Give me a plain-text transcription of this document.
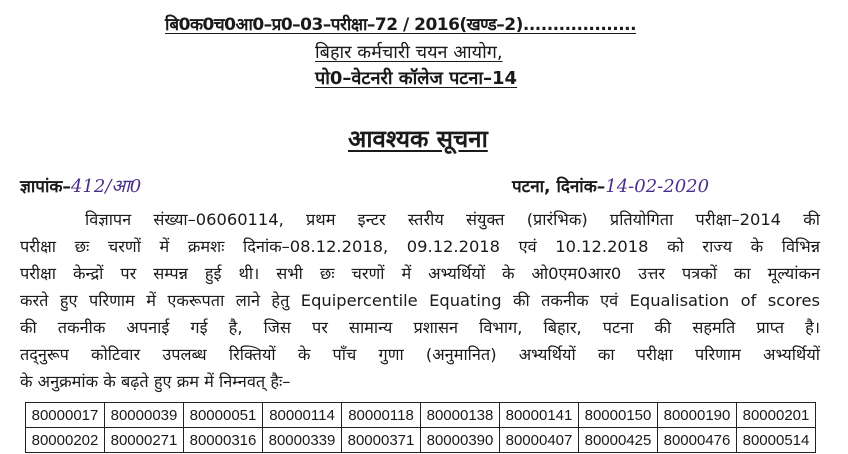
बि0क0च0आ0–प्र0–03–परीक्षा–72 / 2016(खण्ड–2)...................
बिहार कर्मचारी चयन आयोग,
पो0–वेटनरी कॉलेज पटना–14
आवश्यक सूचना
ज्ञापांक–412/आ0	पटना, दिनांक–14-02-2020
विज्ञापन संख्या–06060114, प्रथम इन्टर स्तरीय संयुक्त (प्रारंभिक) प्रतियोगिता परीक्षा–2014 की
परीक्षा छः चरणों में क्रमशः दिनांक–08.12.2018, 09.12.2018 एवं 10.12.2018 को राज्य के विभिन्न
परीक्षा केन्द्रों पर सम्पन्न हुई थी। सभी छः चरणों में अभ्यर्थियों के ओ0एम0आर0 उत्तर पत्रकों का मूल्यांकन
करते हुए परिणाम में एकरूपता लाने हेतु Equipercentile Equating की तकनीक एवं Equalisation of scores
की तकनीक अपनाई गई है, जिस पर सामान्य प्रशासन विभाग, बिहार, पटना की सहमति प्राप्त है।
तद्नुरूप कोटिवार उपलब्ध रिक्तियों के पाँच गुणा (अनुमानित) अभ्यर्थियों का परीक्षा परिणाम अभ्यर्थियों
के अनुक्रमांक के बढ़ते हुए क्रम में निम्नवत् हैः–
80000017	80000039	80000051	80000114	80000118	80000138	80000141	80000150	80000190	80000201
80000202	80000271	80000316	80000339	80000371	80000390	80000407	80000425	80000476	80000514
